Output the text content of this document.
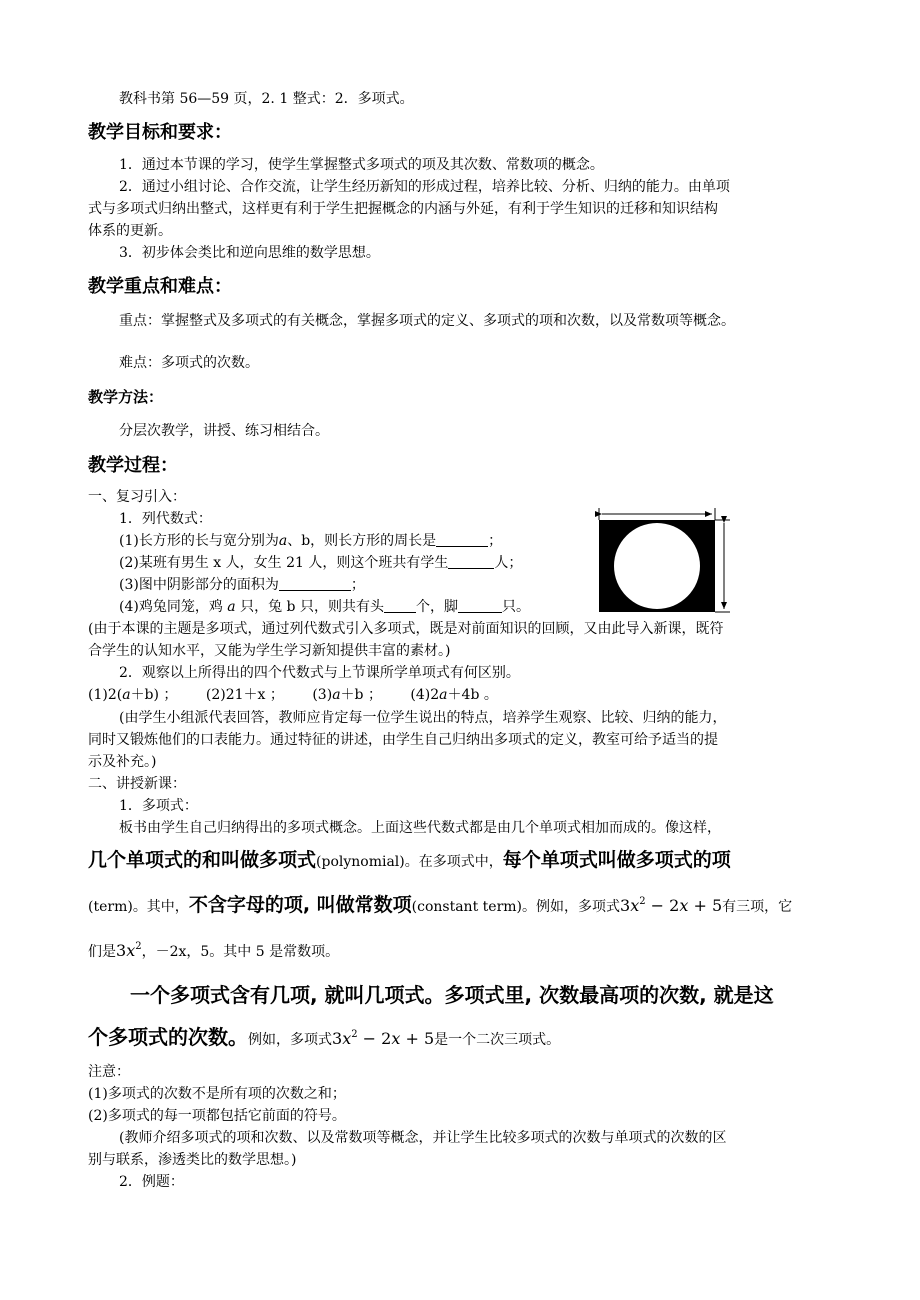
教科书第 56—59 页，2. 1 整式：2．多项式。
教学目标和要求：
1．通过本节课的学习，使学生掌握整式多项式的项及其次数、常数项的概念。
2．通过小组讨论、合作交流，让学生经历新知的形成过程，培养比较、分析、归纳的能力。由单项
式与多项式归纳出整式，这样更有利于学生把握概念的内涵与外延，有利于学生知识的迁移和知识结构
体系的更新。
3．初步体会类比和逆向思维的数学思想。
教学重点和难点：
重点：掌握整式及多项式的有关概念，掌握多项式的定义、多项式的项和次数，以及常数项等概念。
难点：多项式的次数。
教学方法：
分层次教学，讲授、练习相结合。
教学过程：
一、复习引入：
1．列代数式：
(1)长方形的长与宽分别为a、b，则长方形的周长是	；
(2)某班有男生 x 人，女生 21 人，则这个班共有学生	人；
(3)图中阴影部分的面积为	；
(4)鸡兔同笼，鸡 a 只，兔 b 只，则共有头 个，脚	只。
(由于本课的主题是多项式，通过列代数式引入多项式，既是对前面知识的回顾，又由此导入新课，既符
合学生的认知水平，又能为学生学习新知提供丰富的素材。)
2．观察以上所得出的四个代数式与上节课所学单项式有何区别。
(1)2(a＋b) ； (2)21＋x ； (3)a＋b ； (4)2a＋4b 。
(由学生小组派代表回答，教师应肯定每一位学生说出的特点，培养学生观察、比较、归纳的能力，
同时又锻炼他们的口表能力。通过特征的讲述，由学生自己归纳出多项式的定义，教室可给予适当的提
示及补充。)
二、讲授新课：
1．多项式：
板书由学生自己归纳得出的多项式概念。上面这些代数式都是由几个单项式相加而成的。像这样，
几个单项式的和叫做多项式(polynomial)。在多项式中，每个单项式叫做多项式的项
(term)。其中，不含字母的项, 叫做常数项(constant term)。例如，多项式$3x^2 - 2x + 5$有三项，它
们是$3x^2$，－2x，5。其中 5 是常数项。
一个多项式含有几项, 就叫几项式。多项式里, 次数最高项的次数, 就是这
个多项式的次数。例如，多项式$3x^2 - 2x + 5$是一个二次三项式。
注意：
(1)多项式的次数不是所有项的次数之和；
(2)多项式的每一项都包括它前面的符号。
(教师介绍多项式的项和次数、以及常数项等概念，并让学生比较多项式的次数与单项式的次数的区
别与联系，渗透类比的数学思想。)
2．例题：
